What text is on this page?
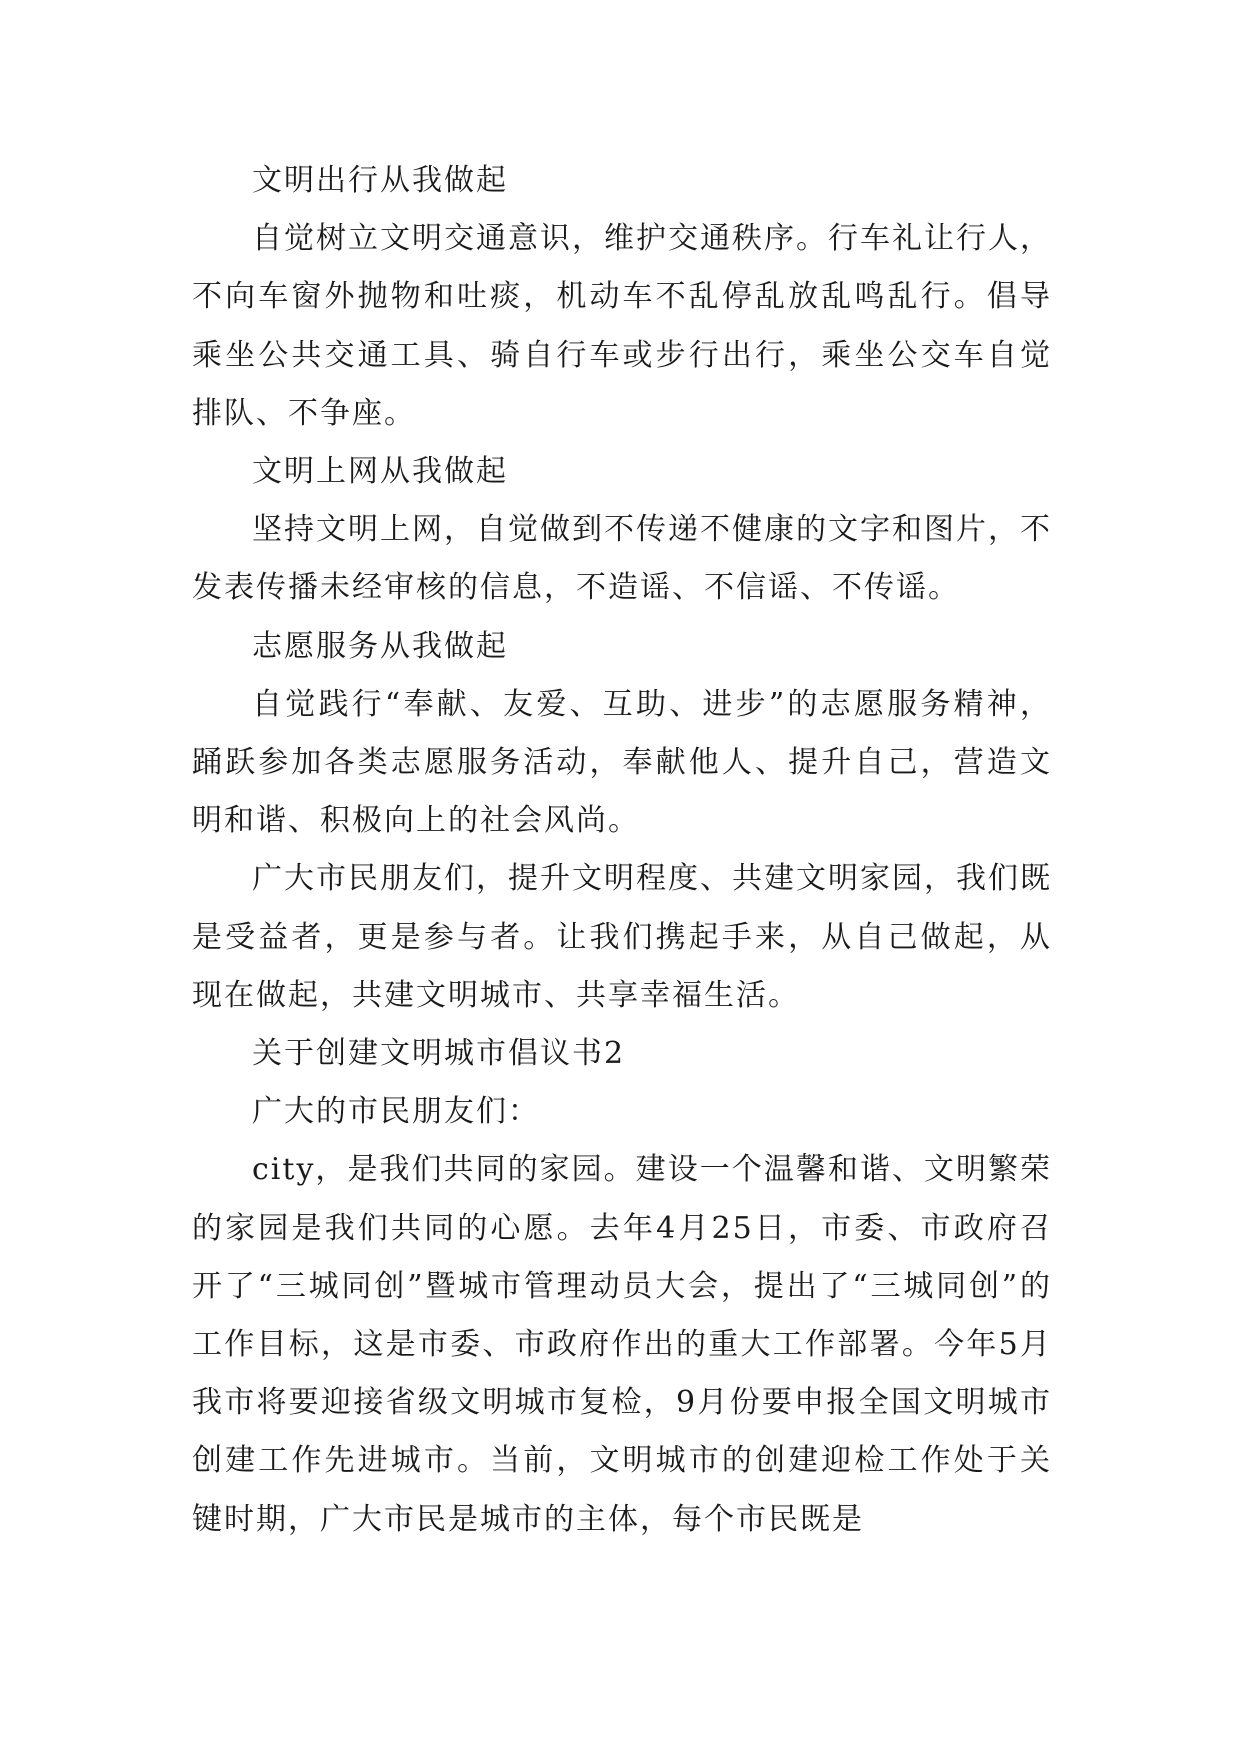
文明出行从我做起

自觉树立文明交通意识，维护交通秩序。行车礼让行人，不向车窗外抛物和吐痰，机动车不乱停乱放乱鸣乱行。倡导乘坐公共交通工具、骑自行车或步行出行，乘坐公交车自觉排队、不争座。

文明上网从我做起

坚持文明上网，自觉做到不传递不健康的文字和图片，不发表传播未经审核的信息，不造谣、不信谣、不传谣。

志愿服务从我做起

自觉践行“奉献、友爱、互助、进步”的志愿服务精神，踊跃参加各类志愿服务活动，奉献他人、提升自己，营造文明和谐、积极向上的社会风尚。

广大市民朋友们，提升文明程度、共建文明家园，我们既是受益者，更是参与者。让我们携起手来，从自己做起，从现在做起，共建文明城市、共享幸福生活。

关于创建文明城市倡议书2

广大的市民朋友们：

city，是我们共同的家园。建设一个温馨和谐、文明繁荣的家园是我们共同的心愿。去年4月25日，市委、市政府召开了“三城同创”暨城市管理动员大会，提出了“三城同创”的工作目标，这是市委、市政府作出的重大工作部署。今年5月我市将要迎接省级文明城市复检，9月份要申报全国文明城市创建工作先进城市。当前，文明城市的创建迎检工作处于关键时期，广大市民是城市的主体，每个市民既是
